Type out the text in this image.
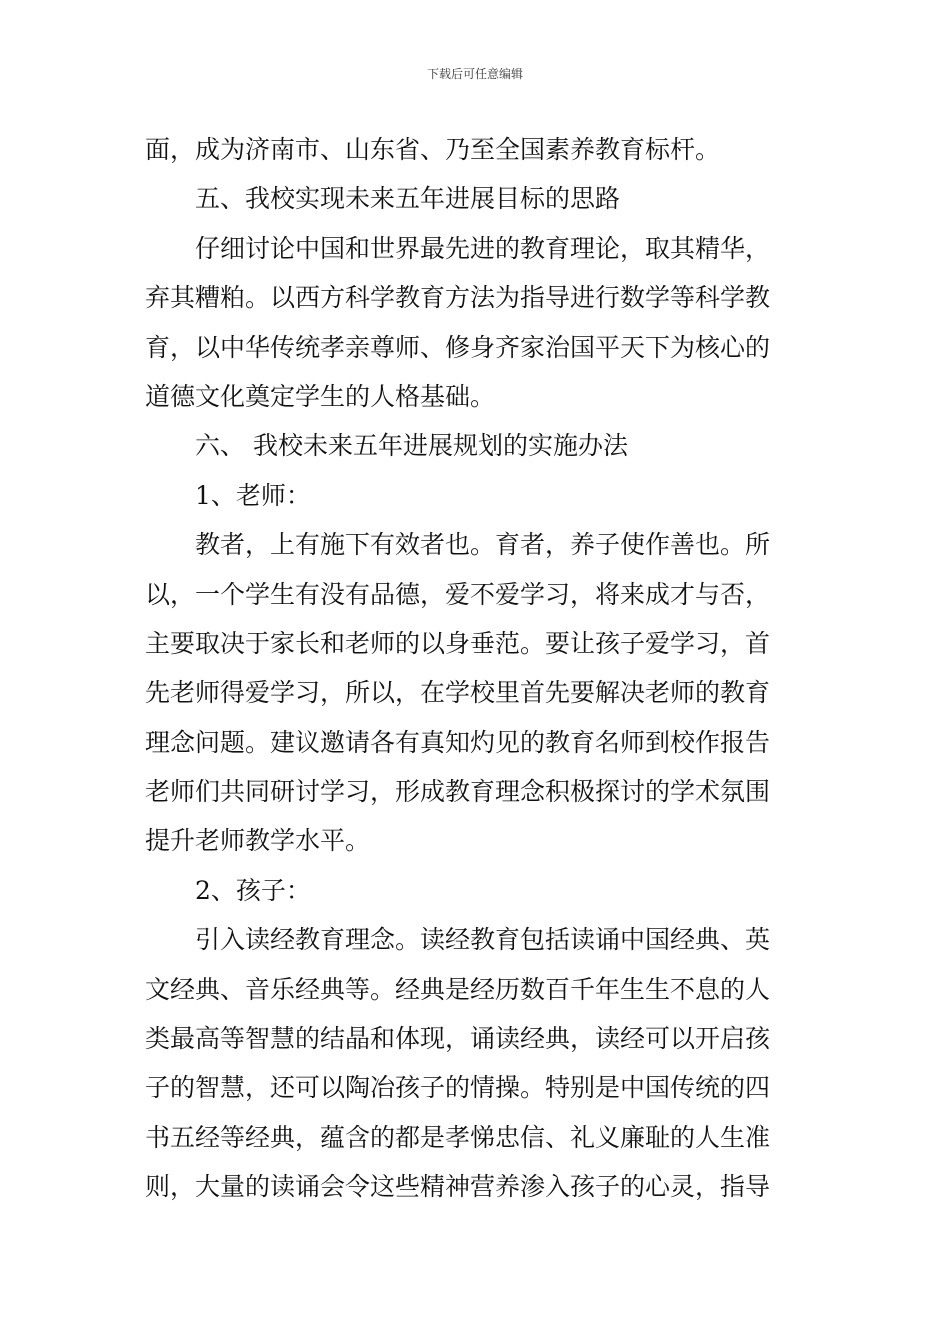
下载后可任意编辑
面，成为济南市、山东省、乃至全国素养教育标杆。
五、我校实现未来五年进展目标的思路
仔细讨论中国和世界最先进的教育理论，取其精华，
弃其糟粕。以西方科学教育方法为指导进行数学等科学教
育，以中华传统孝亲尊师、修身齐家治国平天下为核心的
道德文化奠定学生的人格基础。
六、 我校未来五年进展规划的实施办法
1、老师：
教者，上有施下有效者也。育者，养子使作善也。所
以，一个学生有没有品德，爱不爱学习，将来成才与否，
主要取决于家长和老师的以身垂范。要让孩子爱学习，首
先老师得爱学习，所以，在学校里首先要解决老师的教育
理念问题。建议邀请各有真知灼见的教育名师到校作报告
老师们共同研讨学习，形成教育理念积极探讨的学术氛围
提升老师教学水平。
2、孩子：
引入读经教育理念。读经教育包括读诵中国经典、英
文经典、音乐经典等。经典是经历数百千年生生不息的人
类最高等智慧的结晶和体现，诵读经典，读经可以开启孩
子的智慧，还可以陶冶孩子的情操。特别是中国传统的四
书五经等经典，蕴含的都是孝悌忠信、礼义廉耻的人生准
则，大量的读诵会令这些精神营养渗入孩子的心灵，指导
